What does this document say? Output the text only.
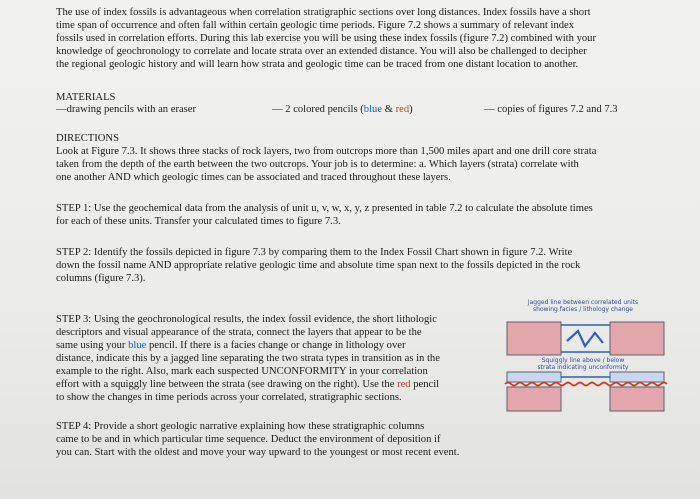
The use of index fossils is advantageous when correlation stratigraphic sections over long distances. Index fossils have a short

time span of occurrence and often fall within certain geologic time periods. Figure 7.2 shows a summary of relevant index

fossils used in correlation efforts. During this lab exercise you will be using these index fossils (figure 7.2) combined with your

knowledge of geochronology to correlate and locate strata over an extended distance. You will also be challenged to decipher

the regional geologic history and will learn how strata and geologic time can be traced from one distant location to another.

MATERIALS

—drawing pencils with an eraser	— 2 colored pencils (blue & red)	— copies of figures 7.2 and 7.3

DIRECTIONS

Look at Figure 7.3. It shows three stacks of rock layers, two from outcrops more than 1,500 miles apart and one drill core strata

taken from the depth of the earth between the two outcrops. Your job is to determine: a. Which layers (strata) correlate with

one another AND which geologic times can be associated and traced throughout these layers.

STEP 1: Use the geochemical data from the analysis of unit u, v, w, x, y, z presented in table 7.2 to calculate the absolute times

for each of these units. Transfer your calculated times to figure 7.3.

STEP 2: Identify the fossils depicted in figure 7.3 by comparing them to the Index Fossil Chart shown in figure 7.2. Write

down the fossil name AND appropriate relative geologic time and absolute time span next to the fossils depicted in the rock

columns (figure 7.3).

STEP 3: Using the geochronological results, the index fossil evidence, the short lithologic

descriptors and visual appearance of the strata, connect the layers that appear to be the

same using your blue pencil. If there is a facies change or change in lithology over

distance, indicate this by a jagged line separating the two strata types in transition as in the

example to the right. Also, mark each suspected UNCONFORMITY in your correlation

effort with a squiggly line between the strata (see drawing on the right). Use the red pencil

to show the changes in time periods across your correlated, stratigraphic sections.

STEP 4: Provide a short geologic narrative explaining how these stratigraphic columns

came to be and in which particular time sequence. Deduct the environment of deposition if

you can. Start with the oldest and move your way upward to the youngest or most recent event.

Jagged line between correlated units
showing facies / lithology change
Squiggly line above / below
strata indicating unconformity
